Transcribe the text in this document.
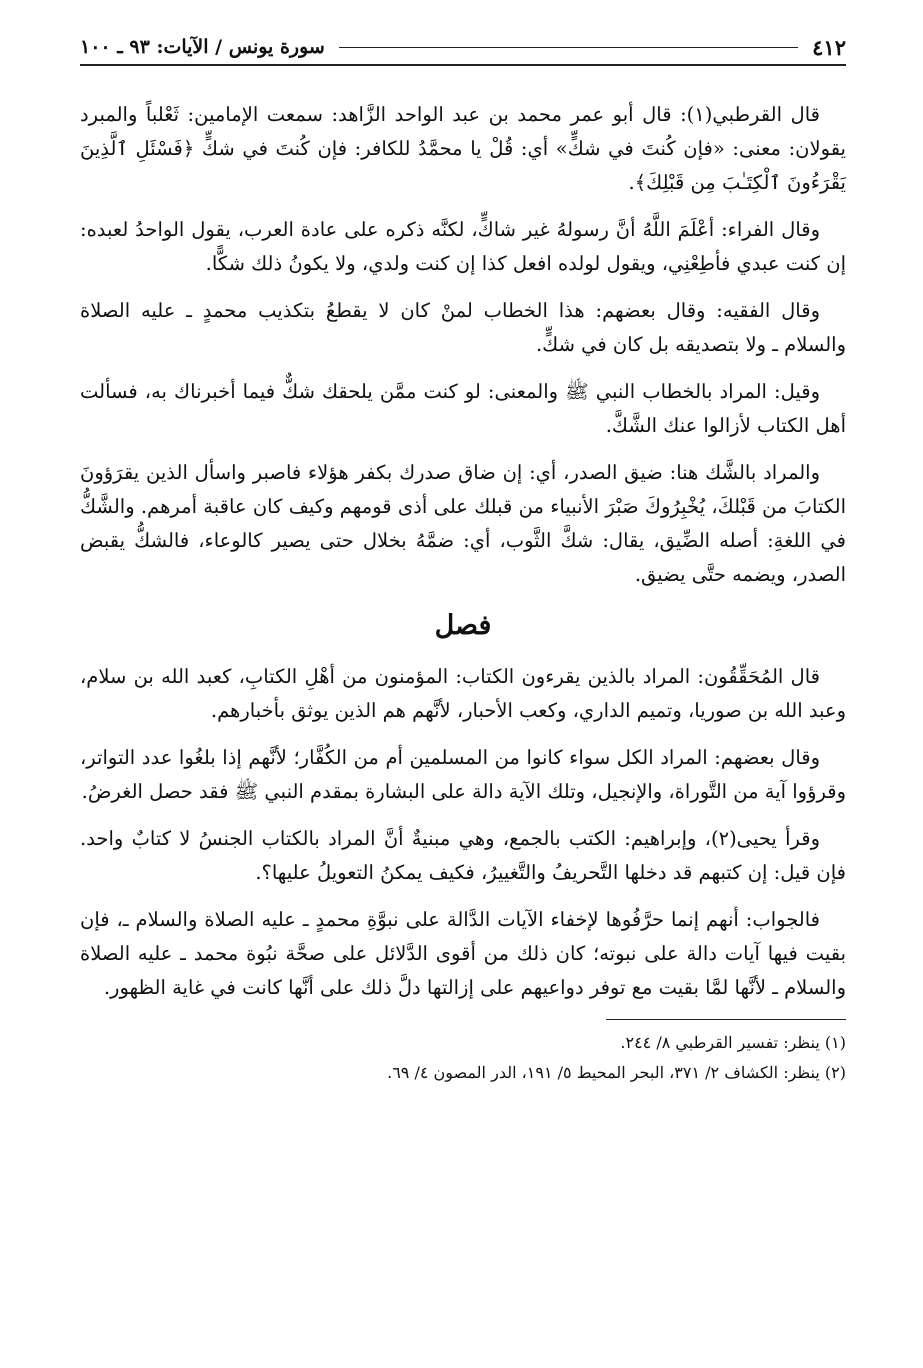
٤١٢
سورة يونس / الآيات: ٩٣ ـ ١٠٠

قال القرطبي(١): قال أبو عمر محمد بن عبد الواحد الزَّاهد: سمعت الإمامين: ثَعْلباً والمبرد يقولان: معنى: «فإن كُنتَ في شكٍّ» أي: قُلْ يا محمَّدُ للكافر: فإن كُنتَ في شكٍّ ﴿فَسْئَلِ ٱلَّذِينَ يَقْرَءُونَ ٱلْكِتَـٰبَ مِن قَبْلِكَ﴾.

وقال الفراء: أعْلَمَ اللَّهُ أنَّ رسولهُ غير شاكٍّ، لكنَّه ذكره على عادة العرب، يقول الواحدُ لعبده: إن كنت عبدي فأطِعْنِي، ويقول لولده افعل كذا إن كنت ولدي، ولا يكونُ ذلك شكًّا.

وقال الفقيه: وقال بعضهم: هذا الخطاب لمنْ كان لا يقطعُ بتكذيب محمدٍ ـ عليه الصلاة والسلام ـ ولا بتصديقه بل كان في شكٍّ.

وقيل: المراد بالخطاب النبي ﷺ والمعنى: لو كنت ممَّن يلحقك شكٌّ فيما أخبرناك به، فسألت أهل الكتاب لأزالوا عنك الشَّكَّ.

والمراد بالشَّك هنا: ضيق الصدر، أي: إن ضاق صدرك بكفر هؤلاء فاصبر واسأل الذين يقرَؤونَ الكتابَ من قَبْلكَ، يُخْبِرُوكَ صَبْرَ الأنبياء من قبلك على أذى قومهم وكيف كان عاقبة أمرهم. والشَّكُّ في اللغةِ: أصله الضِّيق، يقال: شكَّ الثَّوب، أي: ضمَّهُ بخلال حتى يصير كالوعاء، فالشكُّ يقبض الصدر، ويضمه حتَّى يضيق.

فصل

قال المُحَقِّقُون: المراد بالذين يقرءون الكتاب: المؤمنون من أهْلِ الكتابِ، كعبد الله بن سلام، وعبد الله بن صوريا، وتميم الداري، وكعب الأحبار، لأنَّهم هم الذين يوثق بأخبارهم.

وقال بعضهم: المراد الكل سواء كانوا من المسلمين أم من الكُفَّار؛ لأنَّهم إذا بلغُوا عدد التواتر، وقرؤوا آية من التَّوراة، والإنجيل، وتلك الآية دالة على البشارة بمقدم النبي ﷺ فقد حصل الغرضُ.

وقرأ يحيى(٢)، وإبراهيم: الكتب بالجمع، وهي مبنيةٌ أنَّ المراد بالكتاب الجنسُ لا كتابٌ واحد. فإن قيل: إن كتبهم قد دخلها التَّحريفُ والتَّغييرُ، فكيف يمكنُ التعويلُ عليها؟.

فالجواب: أنهم إنما حرَّفُوها لإخفاء الآيات الدَّالة على نبوَّةِ محمدٍ ـ عليه الصلاة والسلام ـ، فإن بقيت فيها آيات دالة على نبوته؛ كان ذلك من أقوى الدَّلائل على صحَّة نبُوة محمد ـ عليه الصلاة والسلام ـ لأنَّها لمَّا بقيت مع توفر دواعيهم على إزالتها دلَّ ذلك على أنَّها كانت في غاية الظهور.

(١) ينظر: تفسير القرطبي ٨/ ٢٤٤.

(٢) ينظر: الكشاف ٢/ ٣٧١، البحر المحيط ٥/ ١٩١، الدر المصون ٤/ ٦٩.
